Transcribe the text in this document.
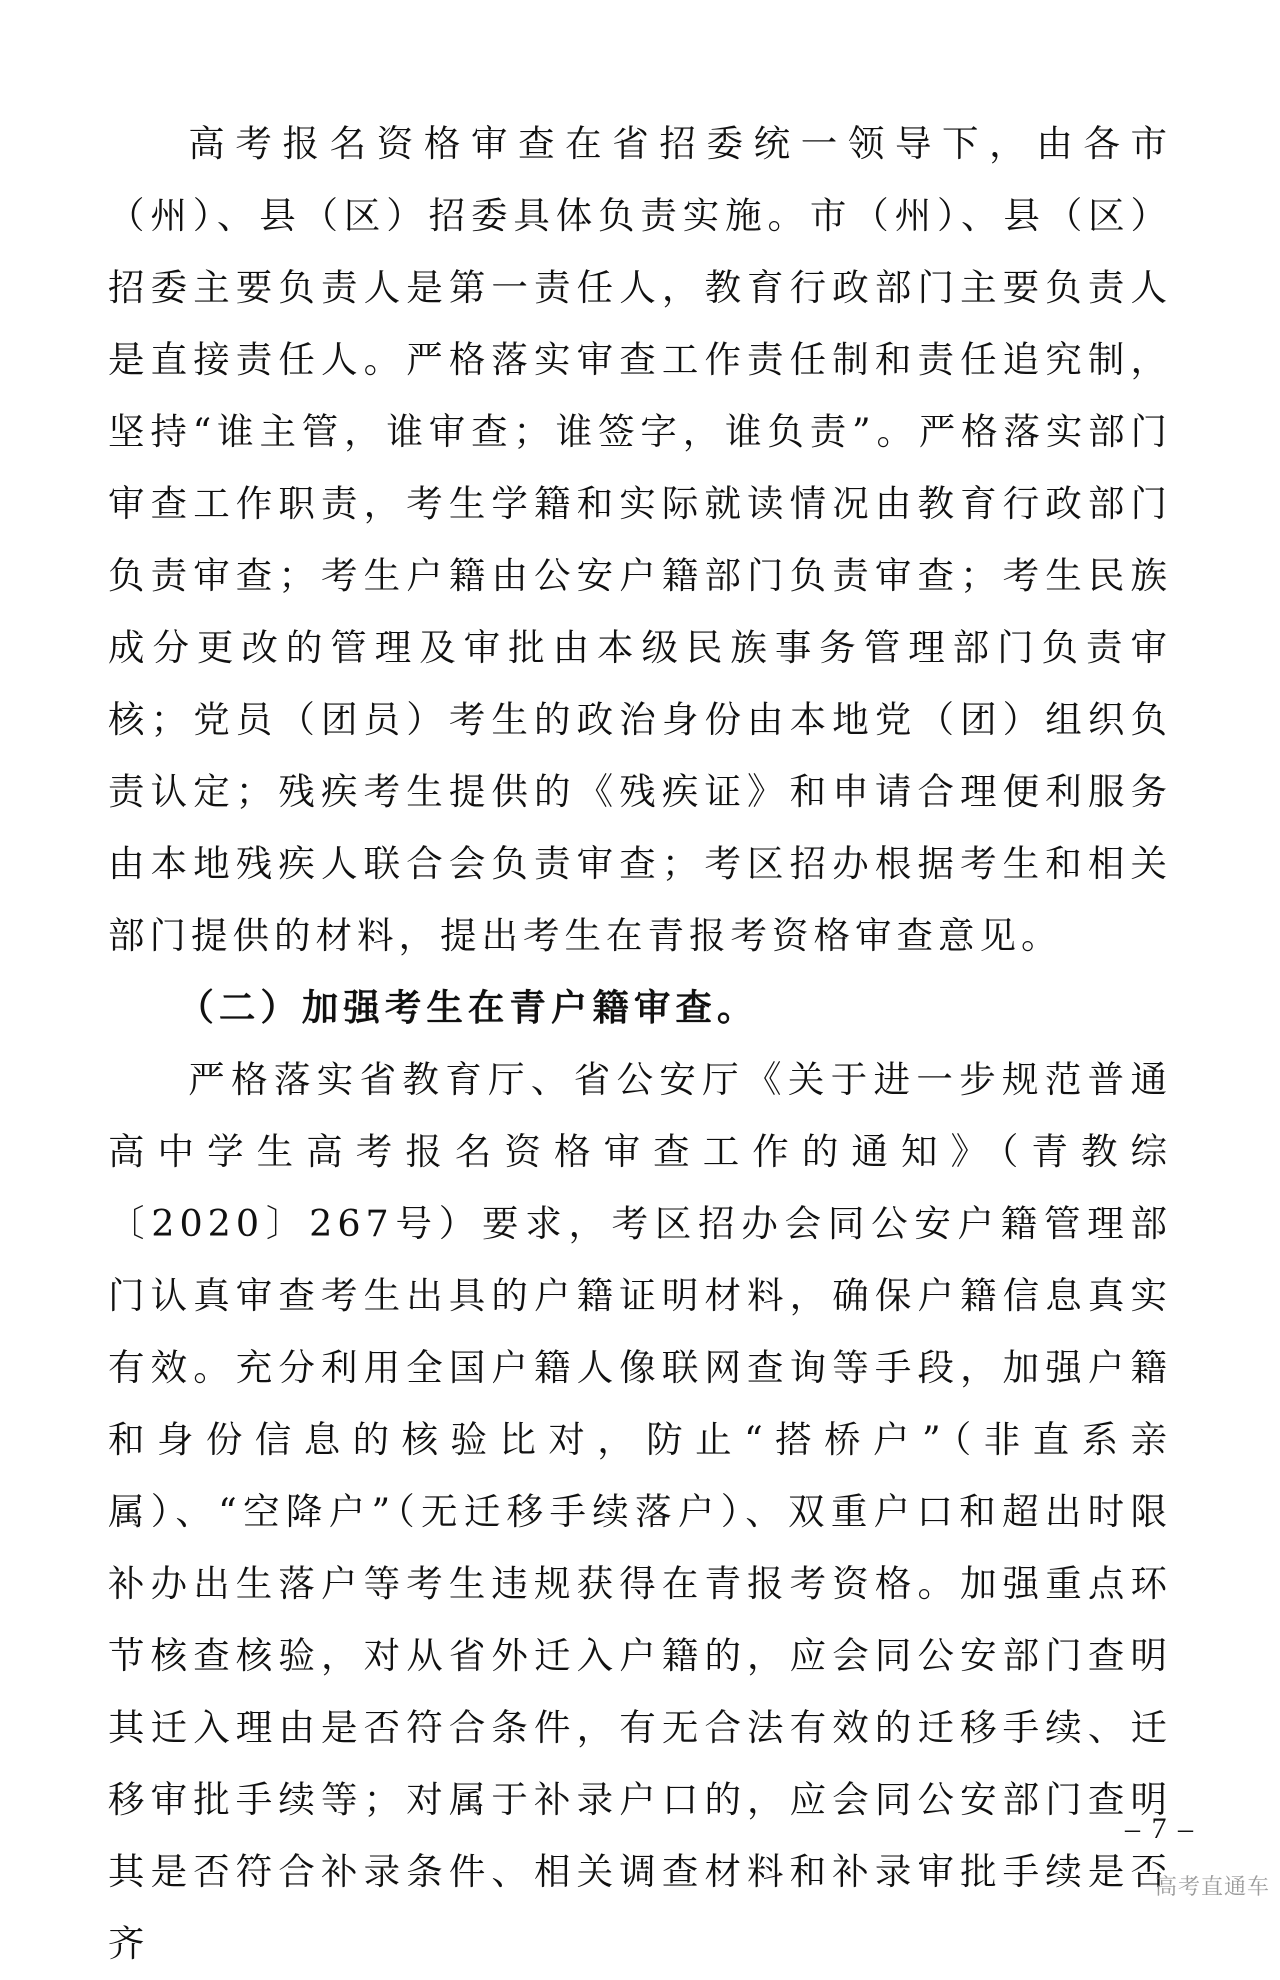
高考报名资格审查在省招委统一领导下，由各市（州）、县（区）招委具体负责实施。市（州）、县（区）招委主要负责人是第一责任人，教育行政部门主要负责人是直接责任人。严格落实审查工作责任制和责任追究制，坚持“谁主管，谁审查；谁签字，谁负责”。严格落实部门审查工作职责，考生学籍和实际就读情况由教育行政部门负责审查；考生户籍由公安户籍部门负责审查；考生民族成分更改的管理及审批由本级民族事务管理部门负责审核；党员（团员）考生的政治身份由本地党（团）组织负责认定；残疾考生提供的《残疾证》和申请合理便利服务由本地残疾人联合会负责审查；考区招办根据考生和相关部门提供的材料，提出考生在青报考资格审查意见。

（二）加强考生在青户籍审查。

严格落实省教育厅、省公安厅《关于进一步规范普通高中学生高考报名资格审查工作的通知》（青教综〔2020〕267号）要求，考区招办会同公安户籍管理部门认真审查考生出具的户籍证明材料，确保户籍信息真实有效。充分利用全国户籍人像联网查询等手段，加强户籍和身份信息的核验比对，防止“搭桥户”（非直系亲属）、“空降户”（无迁移手续落户）、双重户口和超出时限补办出生落户等考生违规获得在青报考资格。加强重点环节核查核验，对从省外迁入户籍的，应会同公安部门查明其迁入理由是否符合条件，有无合法有效的迁移手续、迁移审批手续等；对属于补录户口的，应会同公安部门查明其是否符合补录条件、相关调查材料和补录审批手续是否齐

– 7 –
高考直通车
